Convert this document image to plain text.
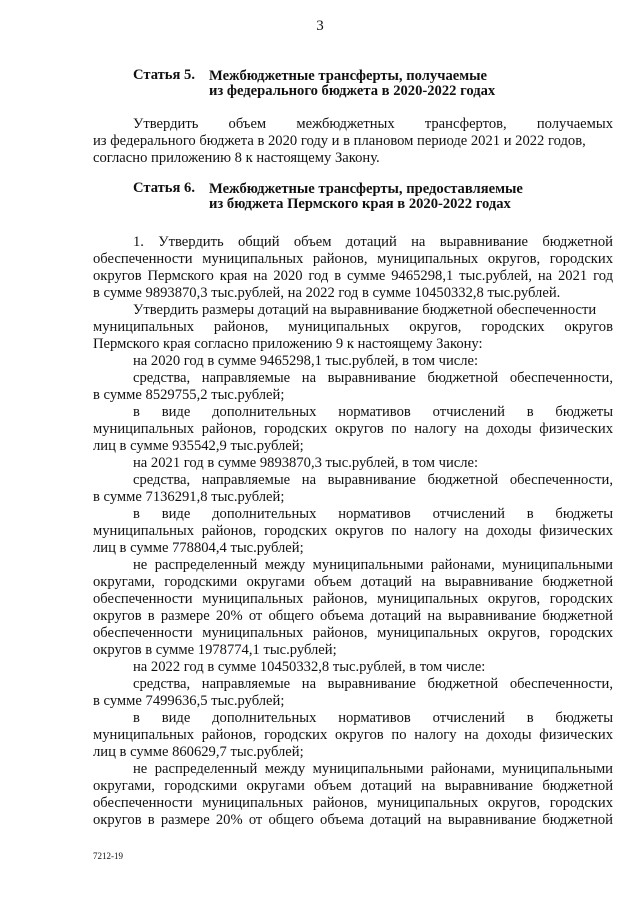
3
Статья 5. Межбюджетные трансферты, получаемые
из федерального бюджета в 2020-2022 годах
Утвердить объем межбюджетных трансфертов, получаемых
из федерального бюджета в 2020 году и в плановом периоде 2021 и 2022 годов,
согласно приложению 8 к настоящему Закону.
Статья 6. Межбюджетные трансферты, предоставляемые
из бюджета Пермского края в 2020-2022 годах
1. Утвердить общий объем дотаций на выравнивание бюджетной
обеспеченности муниципальных районов, муниципальных округов, городских
округов Пермского края на 2020 год в сумме 9465298,1 тыс.рублей, на 2021 год
в сумме 9893870,3 тыс.рублей, на 2022 год в сумме 10450332,8 тыс.рублей.
Утвердить размеры дотаций на выравнивание бюджетной обеспеченности
муниципальных районов, муниципальных округов, городских округов
Пермского края согласно приложению 9 к настоящему Закону:
на 2020 год в сумме 9465298,1 тыс.рублей, в том числе:
средства, направляемые на выравнивание бюджетной обеспеченности,
в сумме 8529755,2 тыс.рублей;
в виде дополнительных нормативов отчислений в бюджеты
муниципальных районов, городских округов по налогу на доходы физических
лиц в сумме 935542,9 тыс.рублей;
на 2021 год в сумме 9893870,3 тыс.рублей, в том числе:
средства, направляемые на выравнивание бюджетной обеспеченности,
в сумме 7136291,8 тыс.рублей;
в виде дополнительных нормативов отчислений в бюджеты
муниципальных районов, городских округов по налогу на доходы физических
лиц в сумме 778804,4 тыс.рублей;
не распределенный между муниципальными районами, муниципальными
округами, городскими округами объем дотаций на выравнивание бюджетной
обеспеченности муниципальных районов, муниципальных округов, городских
округов в размере 20% от общего объема дотаций на выравнивание бюджетной
обеспеченности муниципальных районов, муниципальных округов, городских
округов в сумме 1978774,1 тыс.рублей;
на 2022 год в сумме 10450332,8 тыс.рублей, в том числе:
средства, направляемые на выравнивание бюджетной обеспеченности,
в сумме 7499636,5 тыс.рублей;
в виде дополнительных нормативов отчислений в бюджеты
муниципальных районов, городских округов по налогу на доходы физических
лиц в сумме 860629,7 тыс.рублей;
не распределенный между муниципальными районами, муниципальными
округами, городскими округами объем дотаций на выравнивание бюджетной
обеспеченности муниципальных районов, муниципальных округов, городских
округов в размере 20% от общего объема дотаций на выравнивание бюджетной
7212-19
